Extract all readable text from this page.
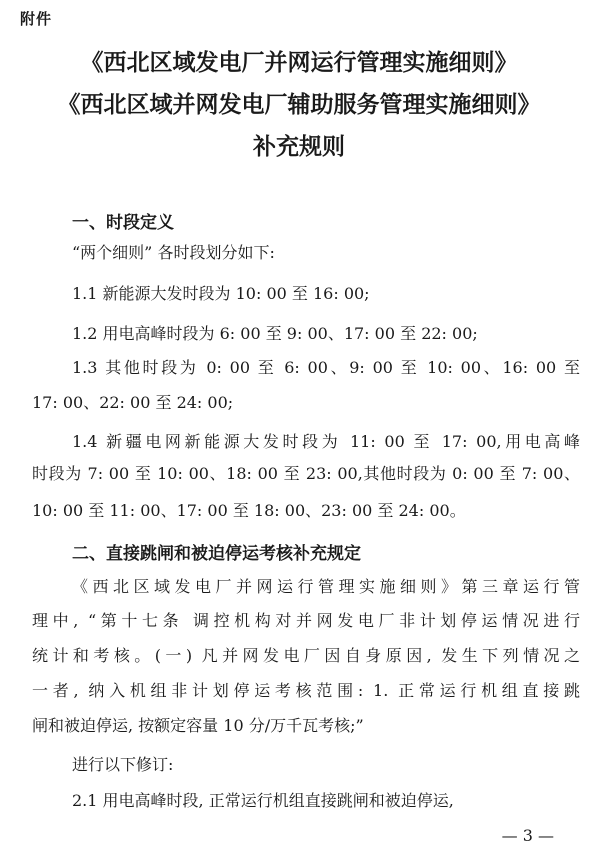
附件
《西北区域发电厂并网运行管理实施细则》
《西北区域并网发电厂辅助服务管理实施细则》
补充规则
一、时段定义
“两个细则” 各时段划分如下:
1.1 新能源大发时段为 10: 00 至 16: 00;
1.2 用电高峰时段为 6: 00 至 9: 00、17: 00 至 22: 00;
1.3 其他时段为 0: 00 至 6: 00、9: 00 至 10: 00、16: 00 至
17: 00、22: 00 至 24: 00;
1.4 新疆电网新能源大发时段为 11: 00 至 17: 00,用电高峰
时段为 7: 00 至 10: 00、18: 00 至 23: 00,其他时段为 0: 00 至 7: 00、
10: 00 至 11: 00、17: 00 至 18: 00、23: 00 至 24: 00。
二、直接跳闸和被迫停运考核补充规定
《西北区域发电厂并网运行管理实施细则》第三章运行管
理中, “第十七条 调控机构对并网发电厂非计划停运情况进行
统计和考核。(一) 凡并网发电厂因自身原因, 发生下列情况之
一者, 纳入机组非计划停运考核范围: 1. 正常运行机组直接跳
闸和被迫停运, 按额定容量 10 分/万千瓦考核;”
进行以下修订:
2.1 用电高峰时段, 正常运行机组直接跳闸和被迫停运,
— 3 —
